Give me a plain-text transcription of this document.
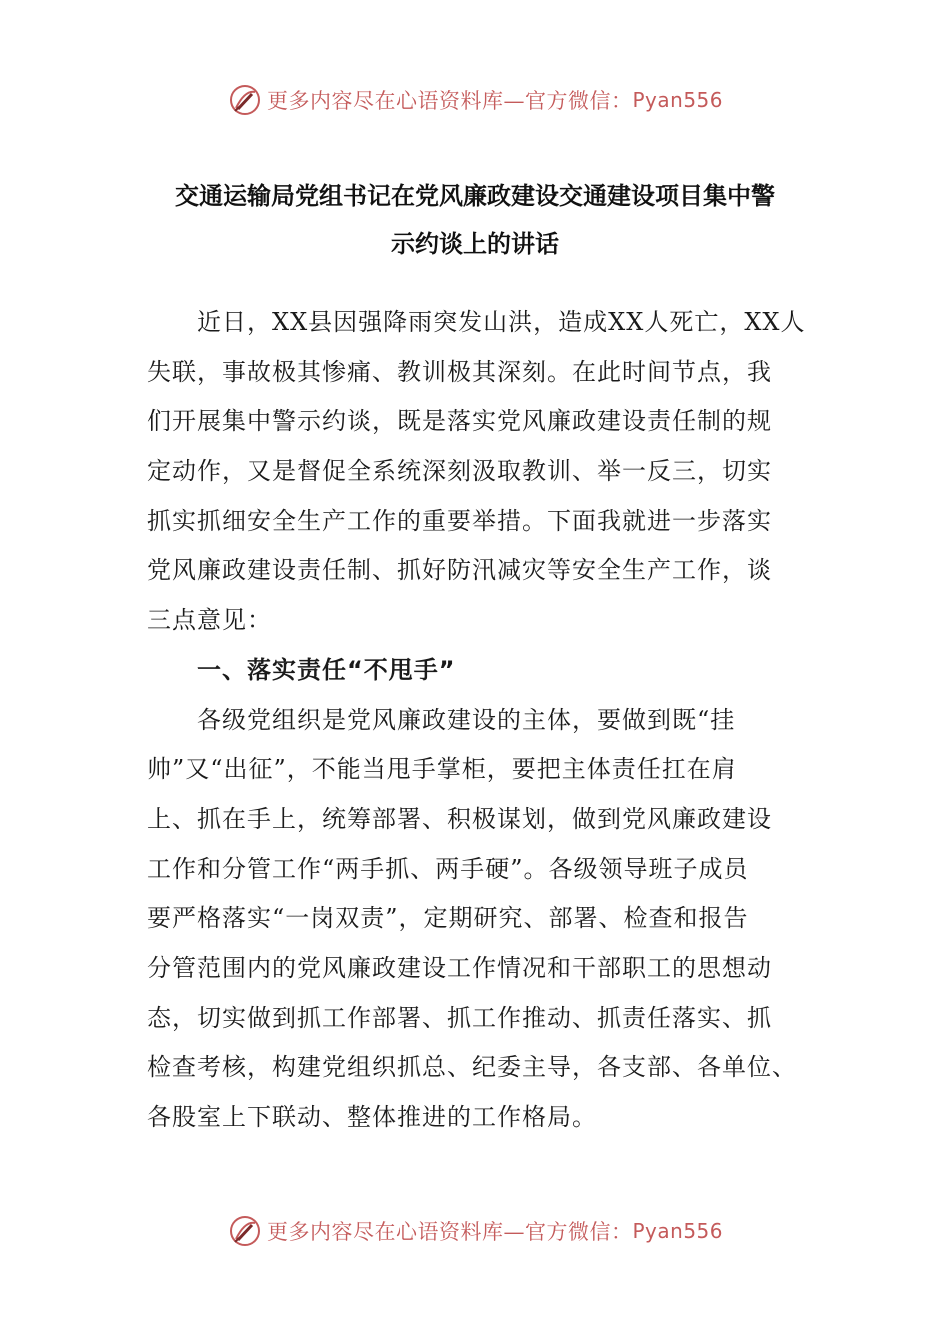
更多内容尽在心语资料库—官方微信： Pyan556
交通运输局党组书记在党风廉政建设交通建设项目集中警
示约谈上的讲话
近日，XX县因强降雨突发山洪，造成XX人死亡，XX人
失联，事故极其惨痛、教训极其深刻。在此时间节点，我
们开展集中警示约谈，既是落实党风廉政建设责任制的规
定动作，又是督促全系统深刻汲取教训、举一反三，切实
抓实抓细安全生产工作的重要举措。下面我就进一步落实
党风廉政建设责任制、抓好防汛减灾等安全生产工作，谈
三点意见：
一、落实责任“不甩手”
各级党组织是党风廉政建设的主体，要做到既“挂
帅”又“出征”，不能当甩手掌柜，要把主体责任扛在肩
上、抓在手上，统筹部署、积极谋划，做到党风廉政建设
工作和分管工作“两手抓、两手硬”。各级领导班子成员
要严格落实“一岗双责”，定期研究、部署、检查和报告
分管范围内的党风廉政建设工作情况和干部职工的思想动
态，切实做到抓工作部署、抓工作推动、抓责任落实、抓
检查考核，构建党组织抓总、纪委主导，各支部、各单位、
各股室上下联动、整体推进的工作格局。
更多内容尽在心语资料库—官方微信： Pyan556
